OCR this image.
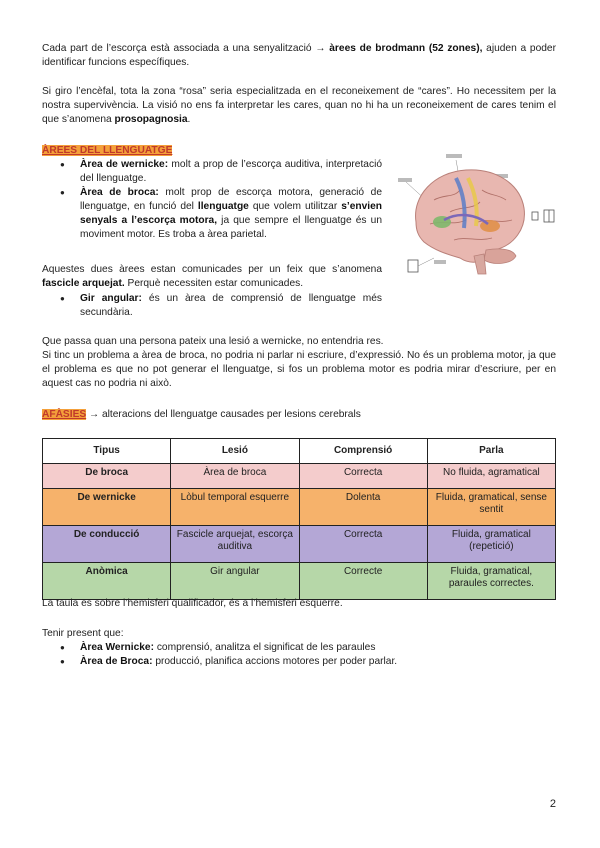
Cada part de l’escorça està associada a una senyalització → àrees de brodmann (52 zones), ajuden a poder identificar funcions específiques.

Si giro l’encèfal, tota la zona “rosa” seria especialitzada en el reconeixement de “cares”. Ho necessitem per la nostra supervivència. La visió no ens fa interpretar les cares, quan no hi ha un reconeixement de cares tenim el que s’anomena prosopagnosia.

ÀREES DEL LLENGUATGE

● Àrea de wernicke: molt a prop de l’escorça auditiva, interpretació del llenguatge.
● Àrea de broca: molt prop de escorça motora, generació de llenguatge, en funció del llenguatge que volem utilitzar s’envien senyals a l’escorça motora, ja que sempre el llenguatge és un moviment motor. Es troba a àrea parietal.

Aquestes dues àrees estan comunicades per un feix que s’anomena fascicle arquejat. Perquè necessiten estar comunicades.

● Gir angular: és un àrea de comprensió de llenguatge més secundària.

Que passa quan una persona pateix una lesió a wernicke, no entendria res.

Si tinc un problema a àrea de broca, no podria ni parlar ni escriure, d’expressió. No és un problema motor, ja que el problema es que no pot generar el llenguatge, si fos un problema motor es podria mirar d’escriure, per en aquest cas no podria ni això.

AFÀSIES → alteracions del llenguatge causades per lesions cerebrals

Tipus	Lesió	Comprensió	Parla
De broca	Àrea de broca	Correcta	No fluida, agramatical
De wernicke	Lòbul temporal esquerre	Dolenta	Fluida, gramatical, sense sentit
De conducció	Fascicle arquejat, escorça auditiva	Correcta	Fluida, gramatical (repetició)
Anòmica	Gir angular	Correcte	Fluida, gramatical, paraules correctes.

La taula es sobre l’hemisferi qualificador, és a l’hemisferi esquerre.

Tenir present que:

● Àrea Wernicke: comprensió, analitza el significat de les paraules
● Àrea de Broca: producció, planifica accions motores per poder parlar.
2
